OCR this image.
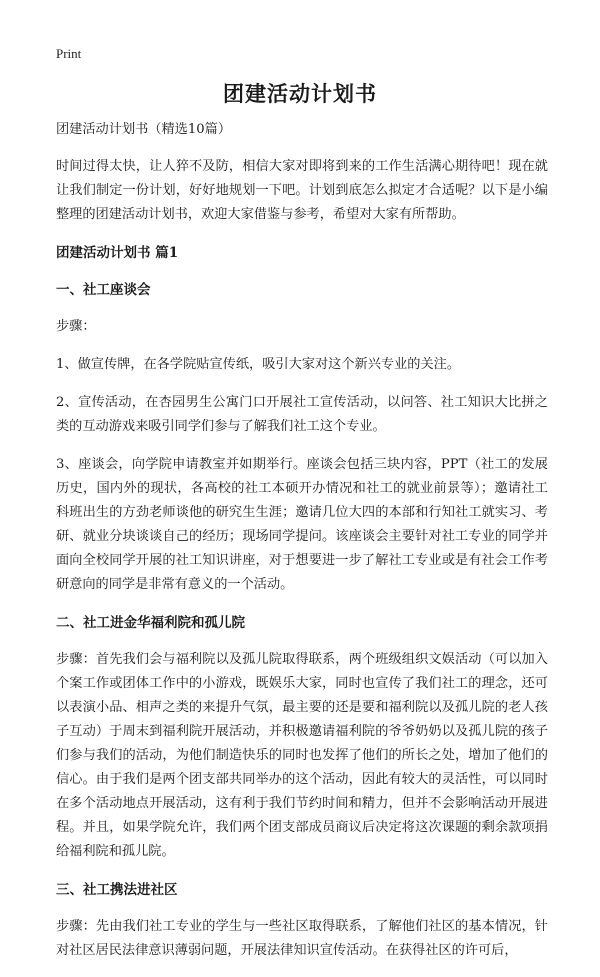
Print
团建活动计划书

团建活动计划书（精选10篇）

时间过得太快，让人猝不及防，相信大家对即将到来的工作生活满心期待吧！现在就让我们制定一份计划，好好地规划一下吧。计划到底怎么拟定才合适呢？以下是小编整理的团建活动计划书，欢迎大家借鉴与参考，希望对大家有所帮助。

团建活动计划书 篇1
一、社工座谈会

步骤：

1、做宣传牌，在各学院贴宣传纸，吸引大家对这个新兴专业的关注。

2、宣传活动，在杏园男生公寓门口开展社工宣传活动，以问答、社工知识大比拼之类的互动游戏来吸引同学们参与了解我们社工这个专业。

3、座谈会，向学院申请教室并如期举行。座谈会包括三块内容，PPT（社工的发展历史，国内外的现状，各高校的社工本硕开办情况和社工的就业前景等）；邀请社工科班出生的方劲老师谈他的研究生生涯；邀请几位大四的本部和行知社工就实习、考研、就业分块谈谈自己的经历；现场同学提问。该座谈会主要针对社工专业的同学并面向全校同学开展的社工知识讲座，对于想要进一步了解社工专业或是有社会工作考研意向的同学是非常有意义的一个活动。

二、社工进金华福利院和孤儿院

步骤：首先我们会与福利院以及孤儿院取得联系，两个班级组织文娱活动（可以加入个案工作或团体工作中的小游戏，既娱乐大家，同时也宣传了我们社工的理念，还可以表演小品、相声之类的来提升气氛，最主要的还是要和福利院以及孤儿院的老人孩子互动）于周末到福利院开展活动，并积极邀请福利院的爷爷奶奶以及孤儿院的孩子们参与我们的活动，为他们制造快乐的同时也发挥了他们的所长之处，增加了他们的信心。由于我们是两个团支部共同举办的这个活动，因此有较大的灵活性，可以同时在多个活动地点开展活动，这有利于我们节约时间和精力，但并不会影响活动开展进程。并且，如果学院允许，我们两个团支部成员商议后决定将这次课题的剩余款项捐给福利院和孤儿院。

三、社工携法进社区

步骤：先由我们社工专业的学生与一些社区取得联系，了解他们社区的基本情况，针对社区居民法律意识薄弱问题，开展法律知识宣传活动。在获得社区的许可后，
